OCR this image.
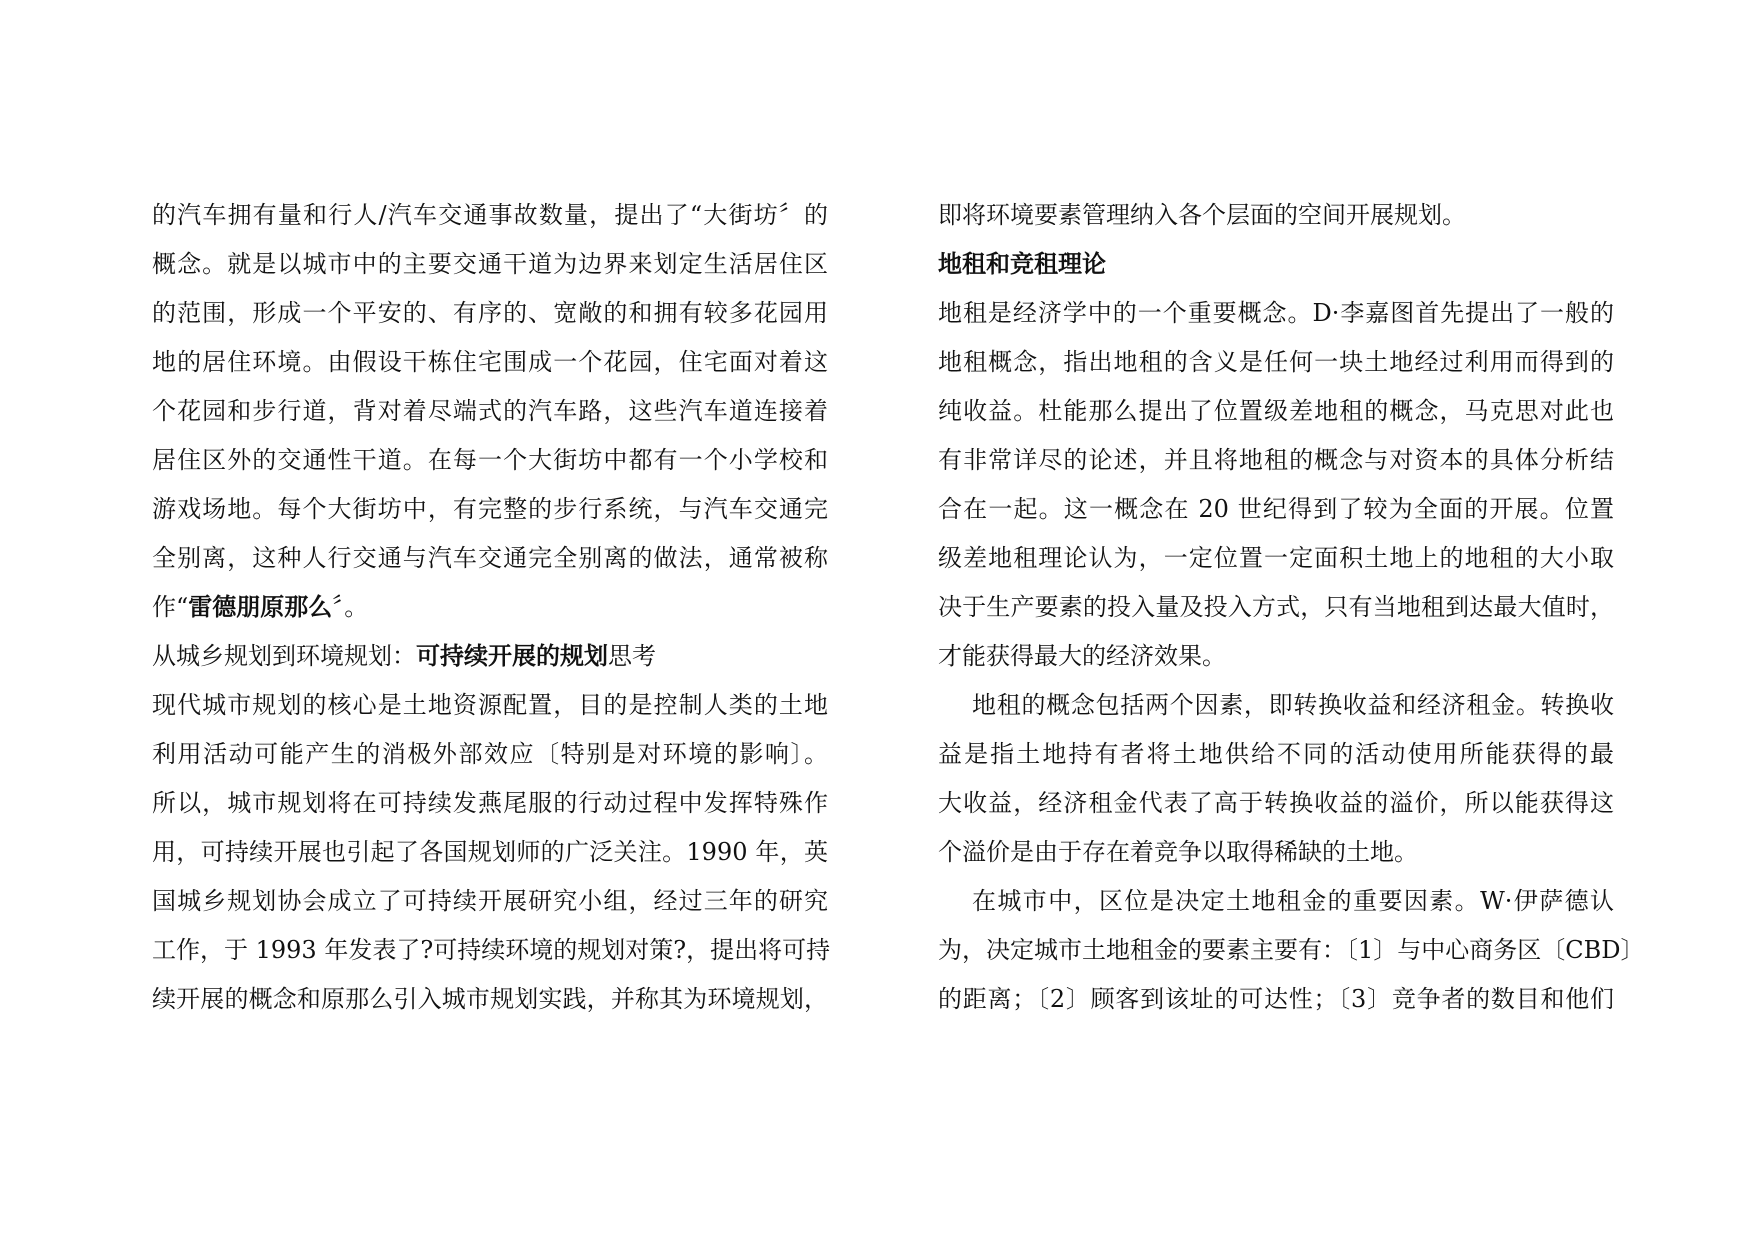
的汽车拥有量和行人/汽车交通事故数量，提出了“大街坊〞的
概念。就是以城市中的主要交通干道为边界来划定生活居住区
的范围，形成一个平安的、有序的、宽敞的和拥有较多花园用
地的居住环境。由假设干栋住宅围成一个花园，住宅面对着这
个花园和步行道，背对着尽端式的汽车路，这些汽车道连接着
居住区外的交通性干道。在每一个大街坊中都有一个小学校和
游戏场地。每个大街坊中，有完整的步行系统，与汽车交通完
全别离，这种人行交通与汽车交通完全别离的做法，通常被称
作“雷德朋原那么〞。
从城乡规划到环境规划：可持续开展的规划思考
现代城市规划的核心是土地资源配置，目的是控制人类的土地
利用活动可能产生的消极外部效应〔特别是对环境的影响〕。
所以，城市规划将在可持续发燕尾服的行动过程中发挥特殊作
用，可持续开展也引起了各国规划师的广泛关注。1990 年，英
国城乡规划协会成立了可持续开展研究小组，经过三年的研究
工作，于 1993 年发表了?可持续环境的规划对策?，提出将可持
续开展的概念和原那么引入城市规划实践，并称其为环境规划，
即将环境要素管理纳入各个层面的空间开展规划。
地租和竞租理论
地租是经济学中的一个重要概念。D·李嘉图首先提出了一般的
地租概念，指出地租的含义是任何一块土地经过利用而得到的
纯收益。杜能那么提出了位置级差地租的概念，马克思对此也
有非常详尽的论述，并且将地租的概念与对资本的具体分析结
合在一起。这一概念在 20 世纪得到了较为全面的开展。位置
级差地租理论认为，一定位置一定面积土地上的地租的大小取
决于生产要素的投入量及投入方式，只有当地租到达最大值时，
才能获得最大的经济效果。
地租的概念包括两个因素，即转换收益和经济租金。转换收
益是指土地持有者将土地供给不同的活动使用所能获得的最
大收益，经济租金代表了高于转换收益的溢价，所以能获得这
个溢价是由于存在着竞争以取得稀缺的土地。
在城市中，区位是决定土地租金的重要因素。W·伊萨德认
为，决定城市土地租金的要素主要有：〔1〕与中心商务区〔CBD〕
的距离；〔2〕顾客到该址的可达性；〔3〕竞争者的数目和他们
